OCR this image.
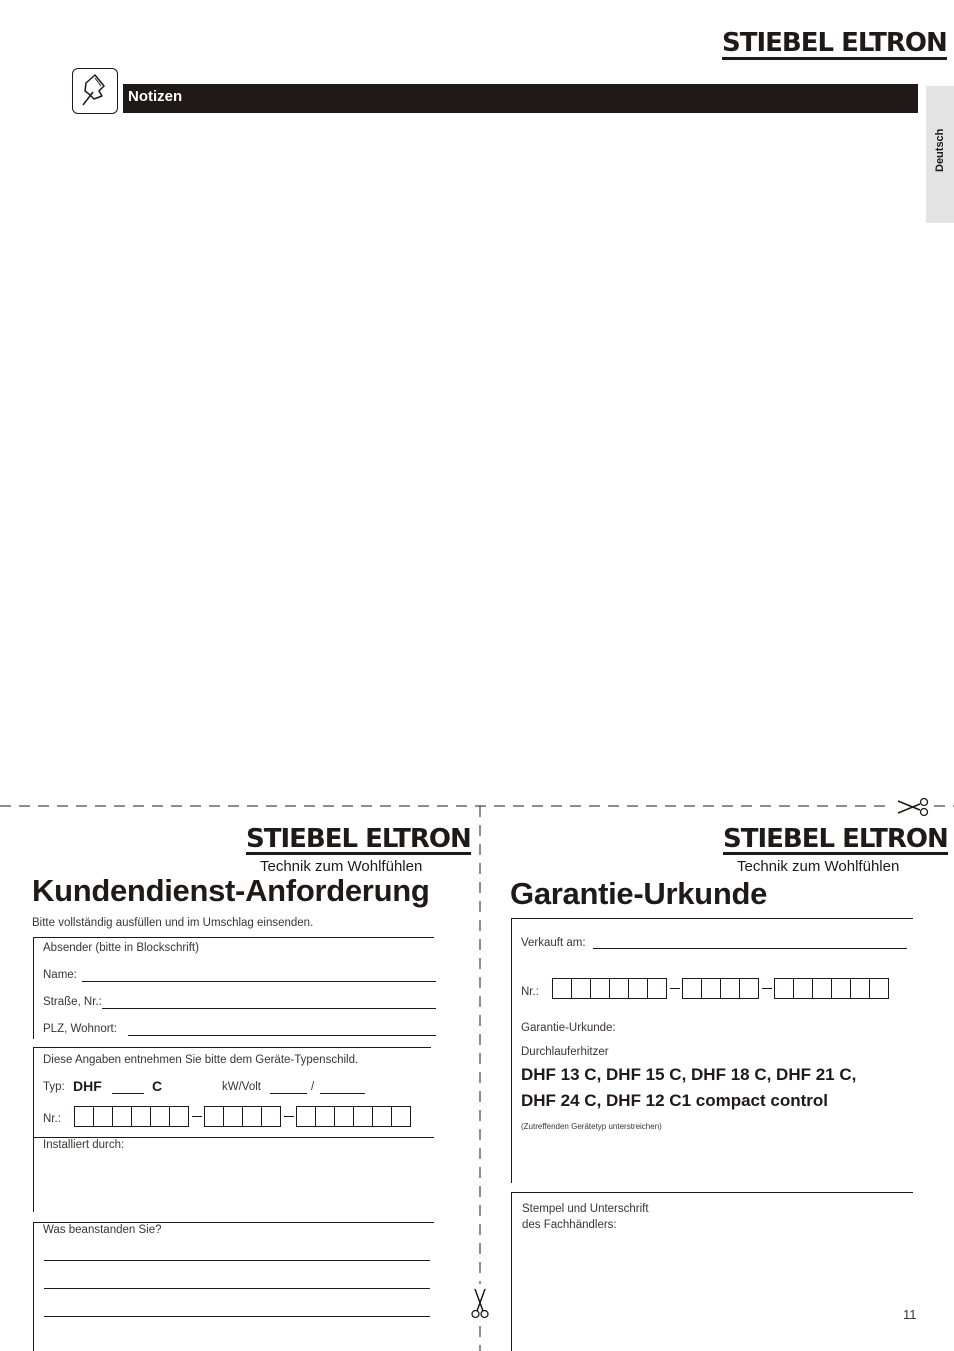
STIEBEL ELTRON
Notizen
Deutsch
STIEBEL ELTRON
Technik zum Wohlfühlen
Kundendienst-Anforderung
Bitte vollständig ausfüllen und im Umschlag einsenden.
Absender (bitte in Blockschrift)
Name:
Straße, Nr.:
PLZ, Wohnort:
Diese Angaben entnehmen Sie bitte dem Geräte-Typenschild.
Typ: DHF	C	kW/Volt	/
Nr.:
Installiert durch:
Was beanstanden Sie?
STIEBEL ELTRON
Technik zum Wohlfühlen
Garantie-Urkunde
Verkauft am:
Nr.:
Garantie-Urkunde:
Durchlauferhitzer
DHF 13 C, DHF 15 C, DHF 18 C, DHF 21 C,
DHF 24 C, DHF 12 C1 compact control
(Zutreffenden Gerätetyp unterstreichen)
Stempel und Unterschrift
des Fachhändlers:
11
